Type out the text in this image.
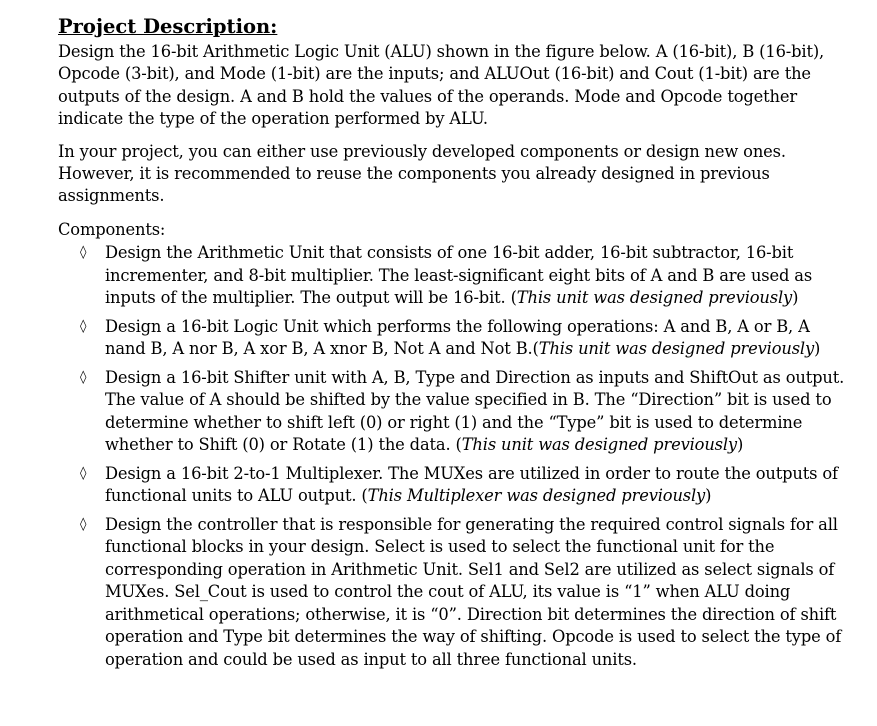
Project Description:

Design the 16-bit Arithmetic Logic Unit (ALU) shown in the figure below. A (16-bit), B (16-bit), Opcode (3-bit), and Mode (1-bit) are the inputs; and ALUOut (16-bit) and Cout (1-bit) are the outputs of the design. A and B hold the values of the operands. Mode and Opcode together indicate the type of the operation performed by ALU.

In your project, you can either use previously developed components or design new ones. However, it is recommended to reuse the components you already designed in previous assignments.

Components:

◊ Design the Arithmetic Unit that consists of one 16-bit adder, 16-bit subtractor, 16-bit incrementer, and 8-bit multiplier. The least-significant eight bits of A and B are used as inputs of the multiplier. The output will be 16-bit. (This unit was designed previously)
◊ Design a 16-bit Logic Unit which performs the following operations: A and B, A or B, A nand B, A nor B, A xor B, A xnor B, Not A and Not B.(This unit was designed previously)
◊ Design a 16-bit Shifter unit with A, B, Type and Direction as inputs and ShiftOut as output. The value of A should be shifted by the value specified in B. The “Direction” bit is used to determine whether to shift left (0) or right (1) and the “Type” bit is used to determine whether to Shift (0) or Rotate (1) the data. (This unit was designed previously)
◊ Design a 16-bit 2-to-1 Multiplexer. The MUXes are utilized in order to route the outputs of functional units to ALU output. (This Multiplexer was designed previously)
◊ Design the controller that is responsible for generating the required control signals for all functional blocks in your design. Select is used to select the functional unit for the corresponding operation in Arithmetic Unit. Sel1 and Sel2 are utilized as select signals of MUXes. Sel_Cout is used to control the cout of ALU, its value is “1” when ALU doing arithmetical operations; otherwise, it is “0”. Direction bit determines the direction of shift operation and Type bit determines the way of shifting. Opcode is used to select the type of operation and could be used as input to all three functional units.
